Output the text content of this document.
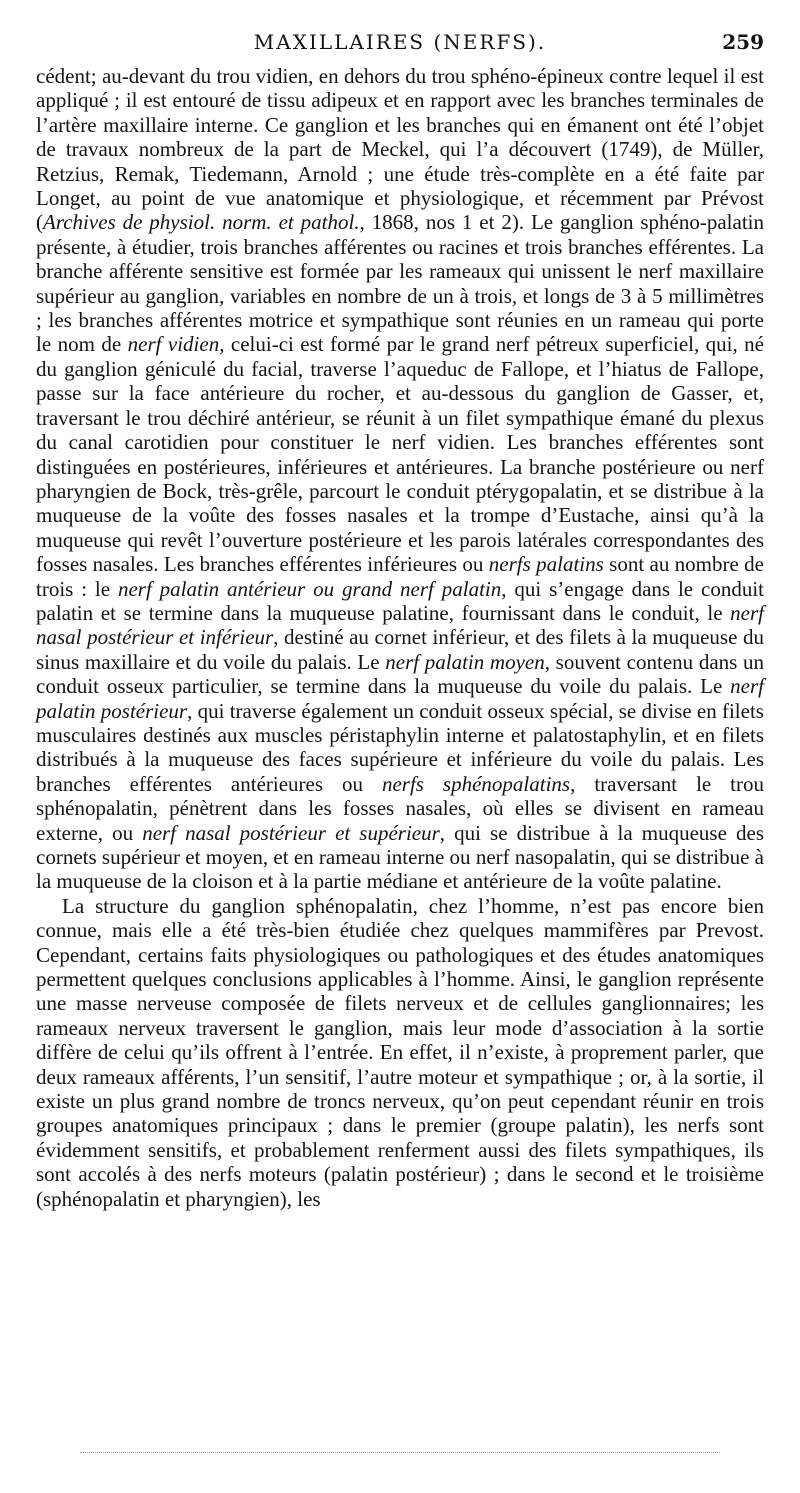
MAXILLAIRES (NERFS).	259

cédent; au-devant du trou vidien, en dehors du trou sphéno-épineux contre lequel il est appliqué ; il est entouré de tissu adipeux et en rapport avec les branches terminales de l’artère maxillaire interne. Ce ganglion et les branches qui en émanent ont été l’objet de travaux nombreux de la part de Meckel, qui l’a découvert (1749), de Müller, Retzius, Remak, Tiedemann, Arnold ; une étude très-complète en a été faite par Longet, au point de vue anatomique et physiologique, et récemment par Prévost (Archives de physiol. norm. et pathol., 1868, nos 1 et 2). Le ganglion sphéno-palatin présente, à étudier, trois branches afférentes ou racines et trois branches efférentes. La branche afférente sensitive est formée par les rameaux qui unissent le nerf maxillaire supérieur au ganglion, variables en nombre de un à trois, et longs de 3 à 5 millimètres ; les branches afférentes motrice et sympathique sont réunies en un rameau qui porte le nom de nerf vidien, celui-ci est formé par le grand nerf pétreux superficiel, qui, né du ganglion géniculé du facial, traverse l’aqueduc de Fallope, et l’hiatus de Fallope, passe sur la face antérieure du rocher, et au-dessous du ganglion de Gasser, et, traversant le trou déchiré antérieur, se réunit à un filet sympathique émané du plexus du canal carotidien pour constituer le nerf vidien. Les branches efférentes sont distinguées en postérieures, inférieures et antérieures. La branche postérieure ou nerf pharyngien de Bock, très-grêle, parcourt le conduit ptérygopalatin, et se distribue à la muqueuse de la voûte des fosses nasales et la trompe d’Eustache, ainsi qu’à la muqueuse qui revêt l’ouverture postérieure et les parois latérales correspondantes des fosses nasales. Les branches efférentes inférieures ou nerfs palatins sont au nombre de trois : le nerf palatin antérieur ou grand nerf palatin, qui s’engage dans le conduit palatin et se termine dans la muqueuse palatine, fournissant dans le conduit, le nerf nasal postérieur et inférieur, destiné au cornet inférieur, et des filets à la muqueuse du sinus maxillaire et du voile du palais. Le nerf palatin moyen, souvent contenu dans un conduit osseux particulier, se termine dans la muqueuse du voile du palais. Le nerf palatin postérieur, qui traverse également un conduit osseux spécial, se divise en filets musculaires destinés aux muscles péristaphylin interne et palatostaphylin, et en filets distribués à la muqueuse des faces supérieure et inférieure du voile du palais. Les branches efférentes antérieures ou nerfs sphénopalatins, traversant le trou sphénopalatin, pénètrent dans les fosses nasales, où elles se divisent en rameau externe, ou nerf nasal postérieur et supérieur, qui se distribue à la muqueuse des cornets supérieur et moyen, et en rameau interne ou nerf nasopalatin, qui se distribue à la muqueuse de la cloison et à la partie médiane et antérieure de la voûte palatine.

La structure du ganglion sphénopalatin, chez l’homme, n’est pas encore bien connue, mais elle a été très-bien étudiée chez quelques mammifères par Prevost. Cependant, certains faits physiologiques ou pathologiques et des études anatomiques permettent quelques conclusions applicables à l’homme. Ainsi, le ganglion représente une masse nerveuse composée de filets nerveux et de cellules ganglionnaires; les rameaux nerveux traversent le ganglion, mais leur mode d’association à la sortie diffère de celui qu’ils offrent à l’entrée. En effet, il n’existe, à proprement parler, que deux rameaux afférents, l’un sensitif, l’autre moteur et sympathique ; or, à la sortie, il existe un plus grand nombre de troncs nerveux, qu’on peut cependant réunir en trois groupes anatomiques principaux ; dans le premier (groupe palatin), les nerfs sont évidemment sensitifs, et probablement renferment aussi des filets sympathiques, ils sont accolés à des nerfs moteurs (palatin postérieur) ; dans le second et le troisième (sphénopalatin et pharyngien), les
